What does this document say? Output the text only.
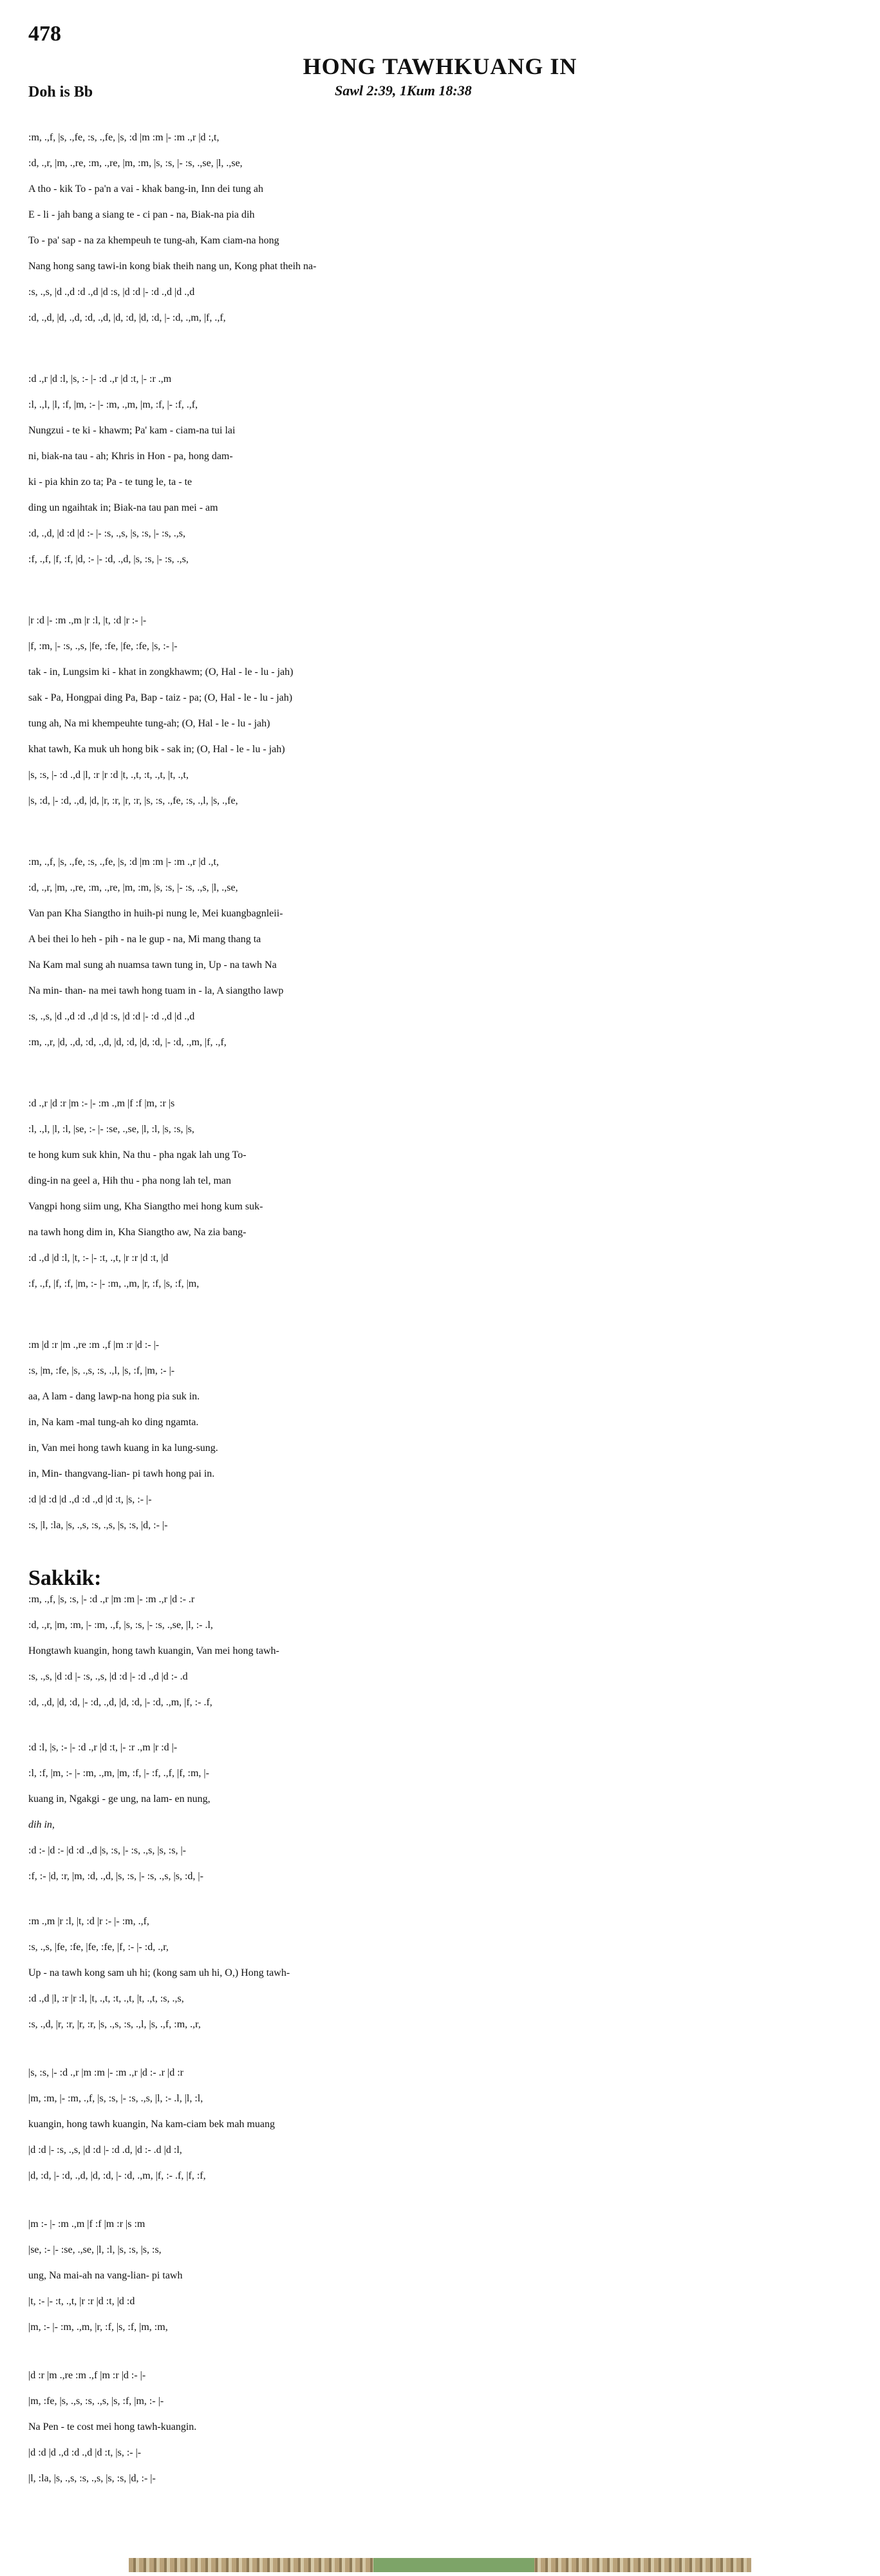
478
HONG TAWHKUANG IN
Doh is Bb	Sawl 2:39, 1Kum 18:38
:m, .,f, |s, .,fe, :s, .,fe, |s, :d |m :m |- :m .,r |d :,t,
:d, .,r, |m, .,re, :m, .,re, |m, :m, |s, :s, |- :s, .,se, |l, .,se,
A tho - kik To - pa'n a vai - khak bang-in, Inn dei tung ah
E - li - jah bang a siang te - ci pan - na, Biak-na pia dih
To - pa' sap - na za khempeuh te tung-ah, Kam ciam-na hong
Nang hong sang tawi-in kong biak theih nang un, Kong phat theih na-
:s, .,s, |d .,d :d .,d |d :s, |d :d |- :d .,d |d .,d
:d, .,d, |d, .,d, :d, .,d, |d, :d, |d, :d, |- :d, .,m, |f, .,f,
:d .,r |d :l, |s, :- |- :d .,r |d :t, |- :r .,m
:l, .,l, |l, :f, |m, :- |- :m, .,m, |m, :f, |- :f, .,f,
Nungzui - te ki - khawm; Pa' kam - ciam-na tui lai
ni, biak-na tau - ah; Khris in Hon - pa, hong dam-
ki - pia khin zo ta; Pa - te tung le, ta - te
ding un ngaihtak in; Biak-na tau pan mei - am
:d, .,d, |d :d |d :- |- :s, .,s, |s, :s, |- :s, .,s,
:f, .,f, |f, :f, |d, :- |- :d, .,d, |s, :s, |- :s, .,s,
|r :d |- :m .,m |r :l, |t, :d |r :- |-
|f, :m, |- :s, .,s, |fe, :fe, |fe, :fe, |s, :- |-
tak - in, Lungsim ki - khat in zongkhawm; (O, Hal - le - lu - jah)
sak - Pa, Hongpai ding Pa, Bap - taiz - pa; (O, Hal - le - lu - jah)
tung ah, Na mi khempeuhte tung-ah; (O, Hal - le - lu - jah)
khat tawh, Ka muk uh hong bik - sak in; (O, Hal - le - lu - jah)
|s, :s, |- :d .,d |l, :r |r :d |t, .,t, :t, .,t, |t, .,t,
|s, :d, |- :d, .,d, |d, |r, :r, |r, :r, |s, :s, .,fe, :s, .,l, |s, .,fe,
:m, .,f, |s, .,fe, :s, .,fe, |s, :d |m :m |- :m .,r |d .,t,
:d, .,r, |m, .,re, :m, .,re, |m, :m, |s, :s, |- :s, .,s, |l, .,se,
Van pan Kha Siangtho in huih-pi nung le, Mei kuangbagnleii-
A bei thei lo heh - pih - na le gup - na, Mi mang thang ta
Na Kam mal sung ah nuamsa tawn tung in, Up - na tawh Na
Na min- than- na mei tawh hong tuam in - la, A siangtho lawp
:s, .,s, |d .,d :d .,d |d :s, |d :d |- :d .,d |d .,d
:m, .,r, |d, .,d, :d, .,d, |d, :d, |d, :d, |- :d, .,m, |f, .,f,
:d .,r |d :r |m :- |- :m .,m |f :f |m, :r |s
:l, .,l, |l, :l, |se, :- |- :se, .,se, |l, :l, |s, :s, |s,
te hong kum suk khin, Na thu - pha ngak lah ung To-
ding-in na geel a, Hih thu - pha nong lah tel, man
Vangpi hong siim ung, Kha Siangtho mei hong kum suk-
na tawh hong dim in, Kha Siangtho aw, Na zia bang-
:d .,d |d :l, |t, :- |- :t, .,t, |r :r |d :t, |d
:f, .,f, |f, :f, |m, :- |- :m, .,m, |r, :f, |s, :f, |m,
:m |d :r |m .,re :m .,f |m :r |d :- |-
:s, |m, :fe, |s, .,s, :s, .,l, |s, :f, |m, :- |-
aa, A lam - dang lawp-na hong pia suk in.
in, Na kam -mal tung-ah ko ding ngamta.
in, Van mei hong tawh kuang in ka lung-sung.
in, Min- thangvang-lian- pi tawh hong pai in.
:d |d :d |d .,d :d .,d |d :t, |s, :- |-
:s, |l, :la, |s, .,s, :s, .,s, |s, :s, |d, :- |-
Sakkik:
:m, .,f, |s, :s, |- :d .,r |m :m |- :m .,r |d :- .r
:d, .,r, |m, :m, |- :m, .,f, |s, :s, |- :s, .,se, |l, :- .l,
Hongtawh kuangin, hong tawh kuangin, Van mei hong tawh-
:s, .,s, |d :d |- :s, .,s, |d :d |- :d .,d |d :- .d
:d, .,d, |d, :d, |- :d, .,d, |d, :d, |- :d, .,m, |f, :- .f,
:d :l, |s, :- |- :d .,r |d :t, |- :r .,m |r :d |-
:l, :f, |m, :- |- :m, .,m, |m, :f, |- :f, .,f, |f, :m, |-
kuang in, Ngakgi - ge ung, na lam- en nung,
dih in,
:d :- |d :- |d :d .,d |s, :s, |- :s, .,s, |s, :s, |-
:f, :- |d, :r, |m, :d, .,d, |s, :s, |- :s, .,s, |s, :d, |-
:m .,m |r :l, |t, :d |r :- |- :m, .,f,
:s, .,s, |fe, :fe, |fe, :fe, |f, :- |- :d, .,r,
Up - na tawh kong sam uh hi; (kong sam uh hi, O,) Hong tawh-
:d .,d |l, :r |r :l, |t, .,t, :t, .,t, |t, .,t, :s, .,s,
:s, .,d, |r, :r, |r, :r, |s, .,s, :s, .,l, |s, .,f, :m, .,r,
|s, :s, |- :d .,r |m :m |- :m .,r |d :- .r |d :r
|m, :m, |- :m, .,f, |s, :s, |- :s, .,s, |l, :- .l, |l, :l,
kuangin, hong tawh kuangin, Na kam-ciam bek mah muang
|d :d |- :s, .,s, |d :d |- :d .d, |d :- .d |d :l,
|d, :d, |- :d, .,d, |d, :d, |- :d, .,m, |f, :- .f, |f, :f,
|m :- |- :m .,m |f :f |m :r |s :m
|se, :- |- :se, .,se, |l, :l, |s, :s, |s, :s,
ung, Na mai-ah na vang-lian- pi tawh
|t, :- |- :t, .,t, |r :r |d :t, |d :d
|m, :- |- :m, .,m, |r, :f, |s, :f, |m, :m,
|d :r |m .,re :m .,f |m :r |d :- |-
|m, :fe, |s, .,s, :s, .,s, |s, :f, |m, :- |-
Na Pen - te cost mei hong tawh-kuangin.
|d :d |d .,d :d .,d |d :t, |s, :- |-
|l, :la, |s, .,s, :s, .,s, |s, :s, |d, :- |-
